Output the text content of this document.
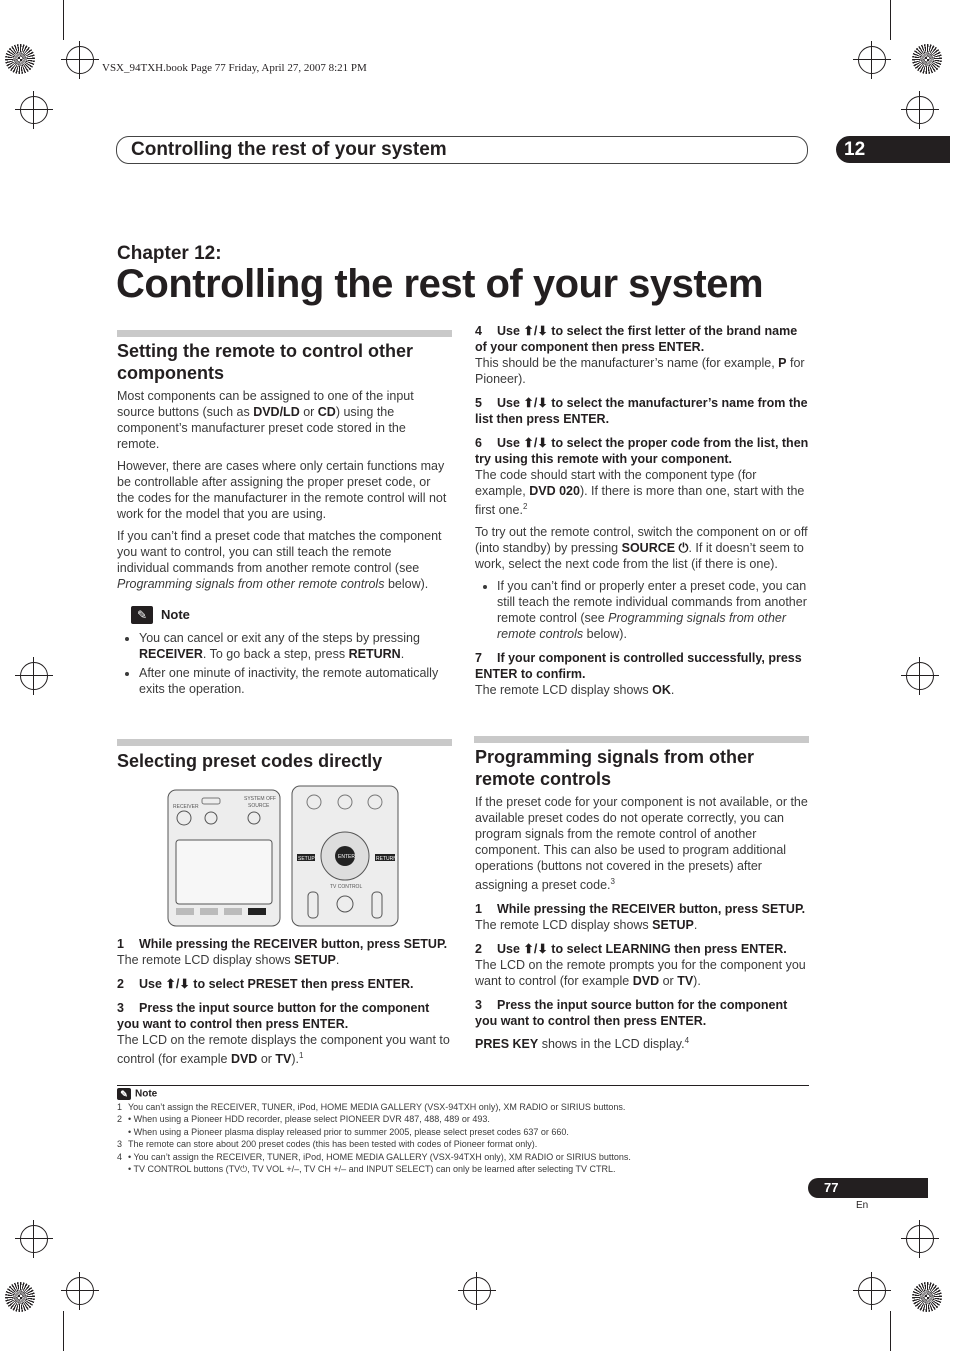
VSX_94TXH.book Page 77 Friday, April 27, 2007 8:21 PM
Controlling the rest of your system	12
Chapter 12:
Controlling the rest of your system
Setting the remote to control other components

Most components can be assigned to one of the input source buttons (such as DVD/LD or CD) using the component’s manufacturer preset code stored in the remote.

However, there are cases where only certain functions may be controllable after assigning the proper preset code, or the codes for the manufacturer in the remote control will not work for the model that you are using.

If you can’t find a preset code that matches the component you want to control, you can still teach the remote individual commands from another remote control (see Programming signals from other remote controls below).

✎ Note
• You can cancel or exit any of the steps by pressing RECEIVER. To go back a step, press RETURN.
• After one minute of inactivity, the remote automatically exits the operation.
Selecting preset codes directly
RECEIVER
SYSTEM OFF
SOURCE
ENTER
SETUP	RETURN
TV CONTROL
1 While pressing the RECEIVER button, press SETUP.
The remote LCD display shows SETUP.
2 Use ⬆/⬇ to select PRESET then press ENTER.
3 Press the input source button for the component you want to control then press ENTER.
The LCD on the remote displays the component you want to control (for example DVD or TV).$^1$
4 Use ⬆/⬇ to select the first letter of the brand name of your component then press ENTER.
This should be the manufacturer’s name (for example, P for Pioneer).
5 Use ⬆/⬇ to select the manufacturer’s name from the list then press ENTER.
6 Use ⬆/⬇ to select the proper code from the list, then try using this remote with your component.
The code should start with the component type (for example, DVD 020). If there is more than one, start with the first one.$^2$

To try out the remote control, switch the component on or off (into standby) by pressing SOURCE ⏻. If it doesn’t seem to work, select the next code from the list (if there is one).

• If you can’t find or properly enter a preset code, you can still teach the remote individual commands from another remote control (see Programming signals from other remote controls below).
7 If your component is controlled successfully, press ENTER to confirm.
The remote LCD display shows OK.
Programming signals from other remote controls

If the preset code for your component is not available, or the available preset codes do not operate correctly, you can program signals from the remote control of another component. This can also be used to program additional operations (buttons not covered in the presets) after assigning a preset code.$^3$

1 While pressing the RECEIVER button, press SETUP.
The remote LCD display shows SETUP.
2 Use ⬆/⬇ to select LEARNING then press ENTER.
The LCD on the remote prompts you for the component you want to control (for example DVD or TV).
3 Press the input source button for the component you want to control then press ENTER.
PRES KEY shows in the LCD display.$^4$
✎ Note
1 You can’t assign the RECEIVER, TUNER, iPod, HOME MEDIA GALLERY (VSX-94TXH only), XM RADIO or SIRIUS buttons.
2 • When using a Pioneer HDD recorder, please select PIONEER DVR 487, 488, 489 or 493.
• When using a Pioneer plasma display released prior to summer 2005, please select preset codes 637 or 660.
3 The remote can store about 200 preset codes (this has been tested with codes of Pioneer format only).
4 • You can’t assign the RECEIVER, TUNER, iPod, HOME MEDIA GALLERY (VSX-94TXH only), XM RADIO or SIRIUS buttons.
• TV CONTROL buttons (TV⏻, TV VOL +/–, TV CH +/– and INPUT SELECT) can only be learned after selecting TV CTRL.
77
En
